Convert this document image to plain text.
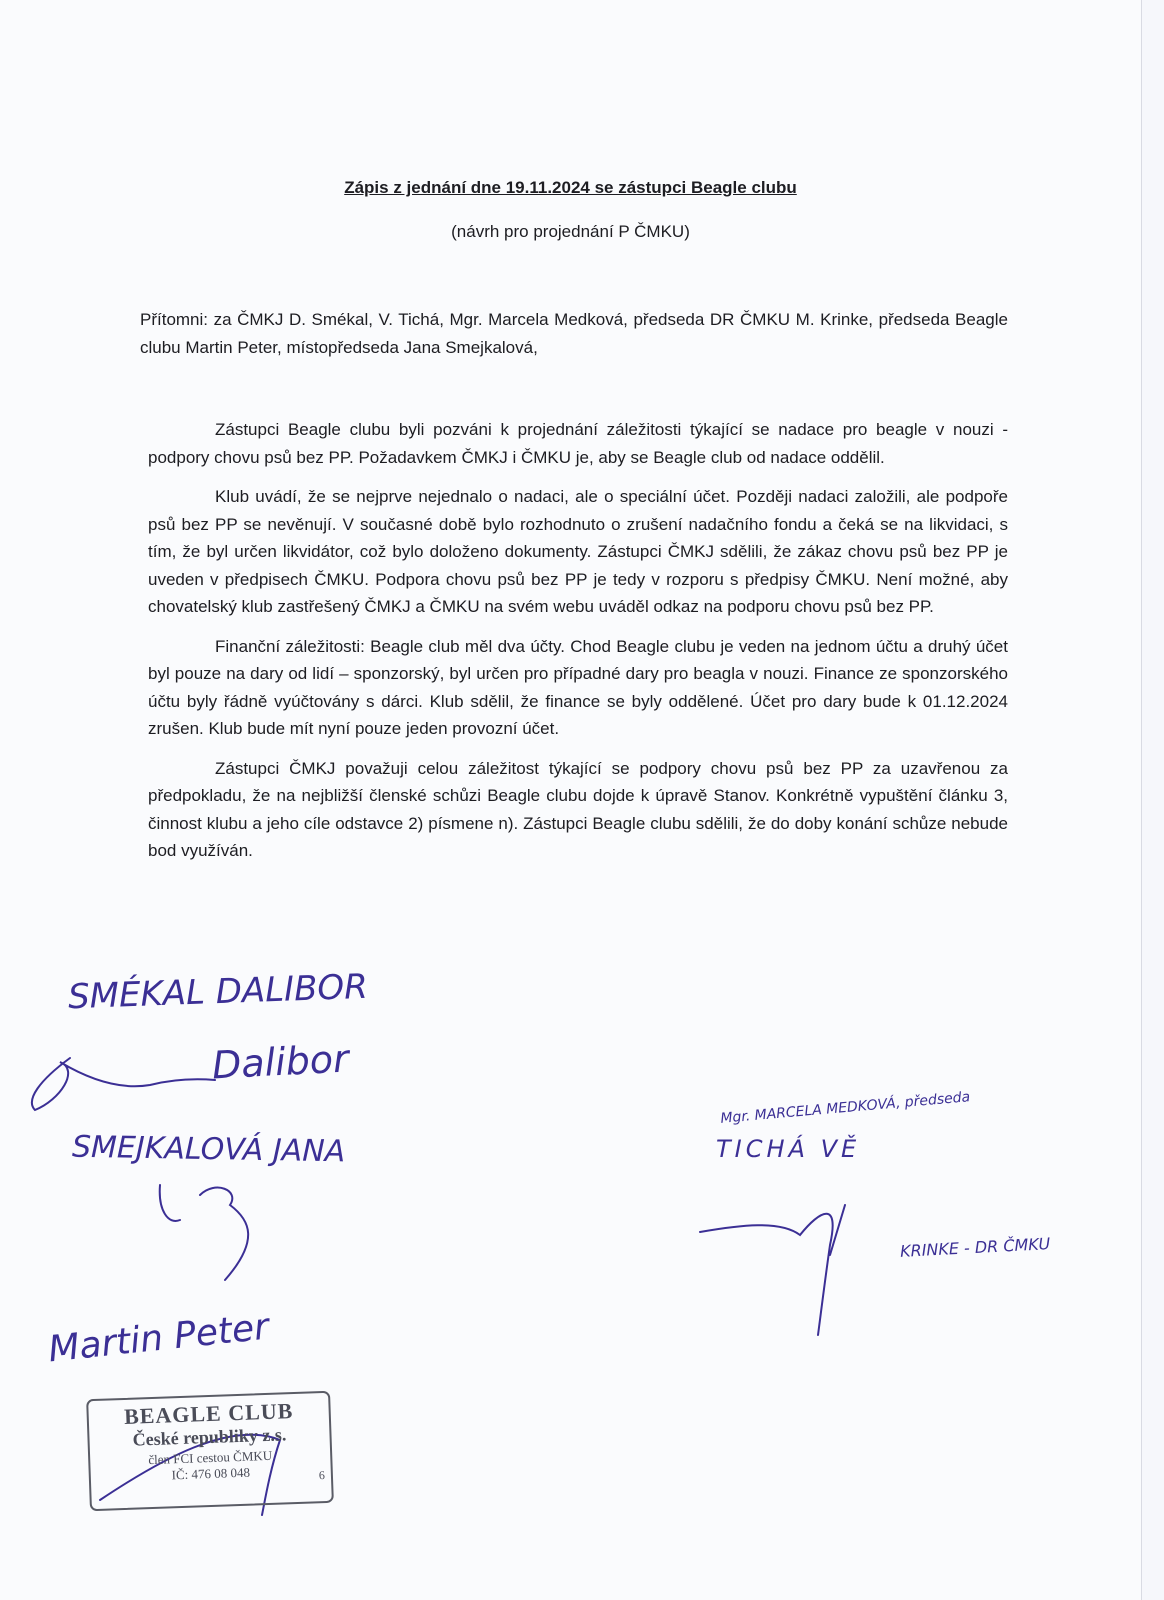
Zápis z jednání dne 19.11.2024 se zástupci Beagle clubu
(návrh pro projednání P ČMKU)
Přítomni: za ČMKJ D. Smékal, V. Tichá, Mgr. Marcela Medková, předseda DR ČMKU M. Krinke, předseda Beagle clubu Martin Peter, místopředseda Jana Smejkalová,

Zástupci Beagle clubu byli pozváni k projednání záležitosti týkající se nadace pro beagle v nouzi - podpory chovu psů bez PP. Požadavkem ČMKJ i ČMKU je, aby se Beagle club od nadace oddělil.

Klub uvádí, že se nejprve nejednalo o nadaci, ale o speciální účet. Později nadaci založili, ale podpoře psů bez PP se nevěnují. V současné době bylo rozhodnuto o zrušení nadačního fondu a čeká se na likvidaci, s tím, že byl určen likvidátor, což bylo doloženo dokumenty. Zástupci ČMKJ sdělili, že zákaz chovu psů bez PP je uveden v předpisech ČMKU. Podpora chovu psů bez PP je tedy v rozporu s předpisy ČMKU. Není možné, aby chovatelský klub zastřešený ČMKJ a ČMKU na svém webu uváděl odkaz na podporu chovu psů bez PP.

Finanční záležitosti: Beagle club měl dva účty. Chod Beagle clubu je veden na jednom účtu a druhý účet byl pouze na dary od lidí – sponzorský, byl určen pro případné dary pro beagla v nouzi. Finance ze sponzorského účtu byly řádně vyúčtovány s dárci. Klub sdělil, že finance se byly oddělené. Účet pro dary bude k 01.12.2024 zrušen. Klub bude mít nyní pouze jeden provozní účet.

Zástupci ČMKJ považuji celou záležitost týkající se podpory chovu psů bez PP za uzavřenou za předpokladu, že na nejbližší členské schůzi Beagle clubu dojde k úpravě Stanov. Konkrétně vypuštění článku 3, činnost klubu a jeho cíle odstavce 2) písmene n). Zástupci Beagle clubu sdělili, že do doby konání schůze nebude bod využíván.

SMÉKAL DALIBOR
Dalibor
SMEJKALOVÁ JANA
Martin Peter
Mgr. MARCELA MEDKOVÁ, předseda
TICHÁ VĚ
KRINKE - DR ČMKU
BEAGLE CLUB
České republiky z.s.
člen FCI cestou ČMKU
IČ: 476 08 048	6
